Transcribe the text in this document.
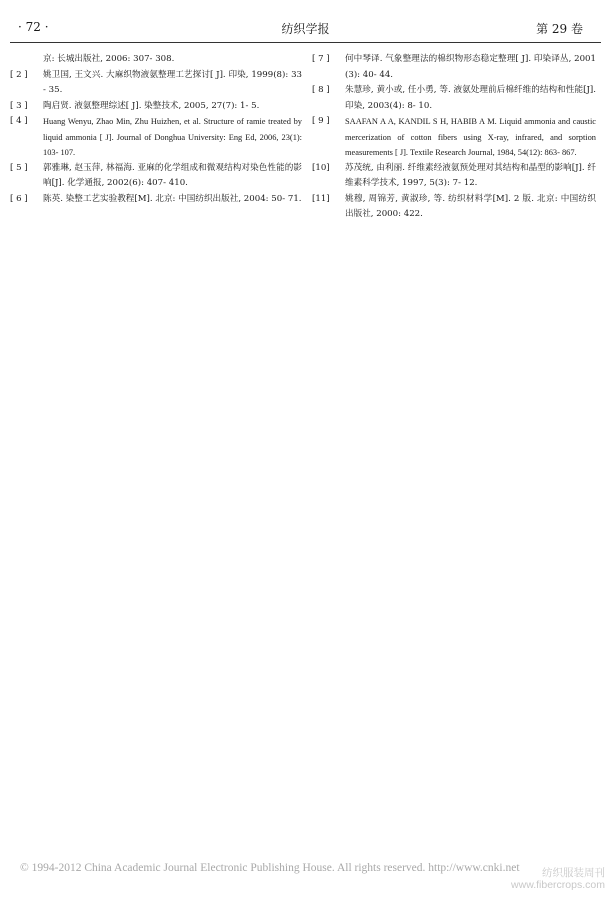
· 72 ·	纺织学报	第 29 卷
京: 长城出版社, 2006: 307- 308.
[ 2 ]	姚卫国, 王文兴. 大麻织物液氨整理工艺探讨[ J]. 印染, 1999(8): 33- 35.
[ 3 ]	陶启贤. 液氨整理综述[ J]. 染整技术, 2005, 27(7): 1- 5.
[ 4 ]	Huang Wenyu, Zhao Min, Zhu Huizhen, et al. Structure of ramie treated by liquid ammonia [ J]. Journal of Donghua University: Eng Ed, 2006, 23(1): 103- 107.
[ 5 ]	郭雅琳, 赵玉萍, 林福海. 亚麻的化学组成和微观结构对染色性能的影响[J]. 化学通报, 2002(6): 407- 410.
[ 6 ]	陈英. 染整工艺实验教程[M]. 北京: 中国纺织出版社, 2004: 50- 71.
[ 7 ]	何中琴译. 气象整理法的棉织物形态稳定整理[ J]. 印染译丛, 2001(3): 40- 44.
[ 8 ]	朱慧珍, 黄小或, 任小勇, 等. 液氨处理前后棉纤维的结构和性能[J]. 印染, 2003(4): 8- 10.
[ 9 ]	SAAFAN A A, KANDIL S H, HABIB A M. Liquid ammonia and caustic mercerization of cotton fibers using X-ray, infrared, and sorption measurements [ J]. Textile Research Journal, 1984, 54(12): 863- 867.
[10]	苏茂统, 由利丽. 纤维素经液氨预处理对其结构和晶型的影响[J]. 纤维素科学技术, 1997, 5(3): 7- 12.
[11]	姚穆, 周锦芳, 黄淑珍, 等. 纺织材料学[M]. 2 版. 北京: 中国纺织出版社, 2000: 422.
© 1994-2012 China Academic Journal Electronic Publishing House. All rights reserved. http://www.cnki.net	纺织服装周刊
www.fibercrops.com
